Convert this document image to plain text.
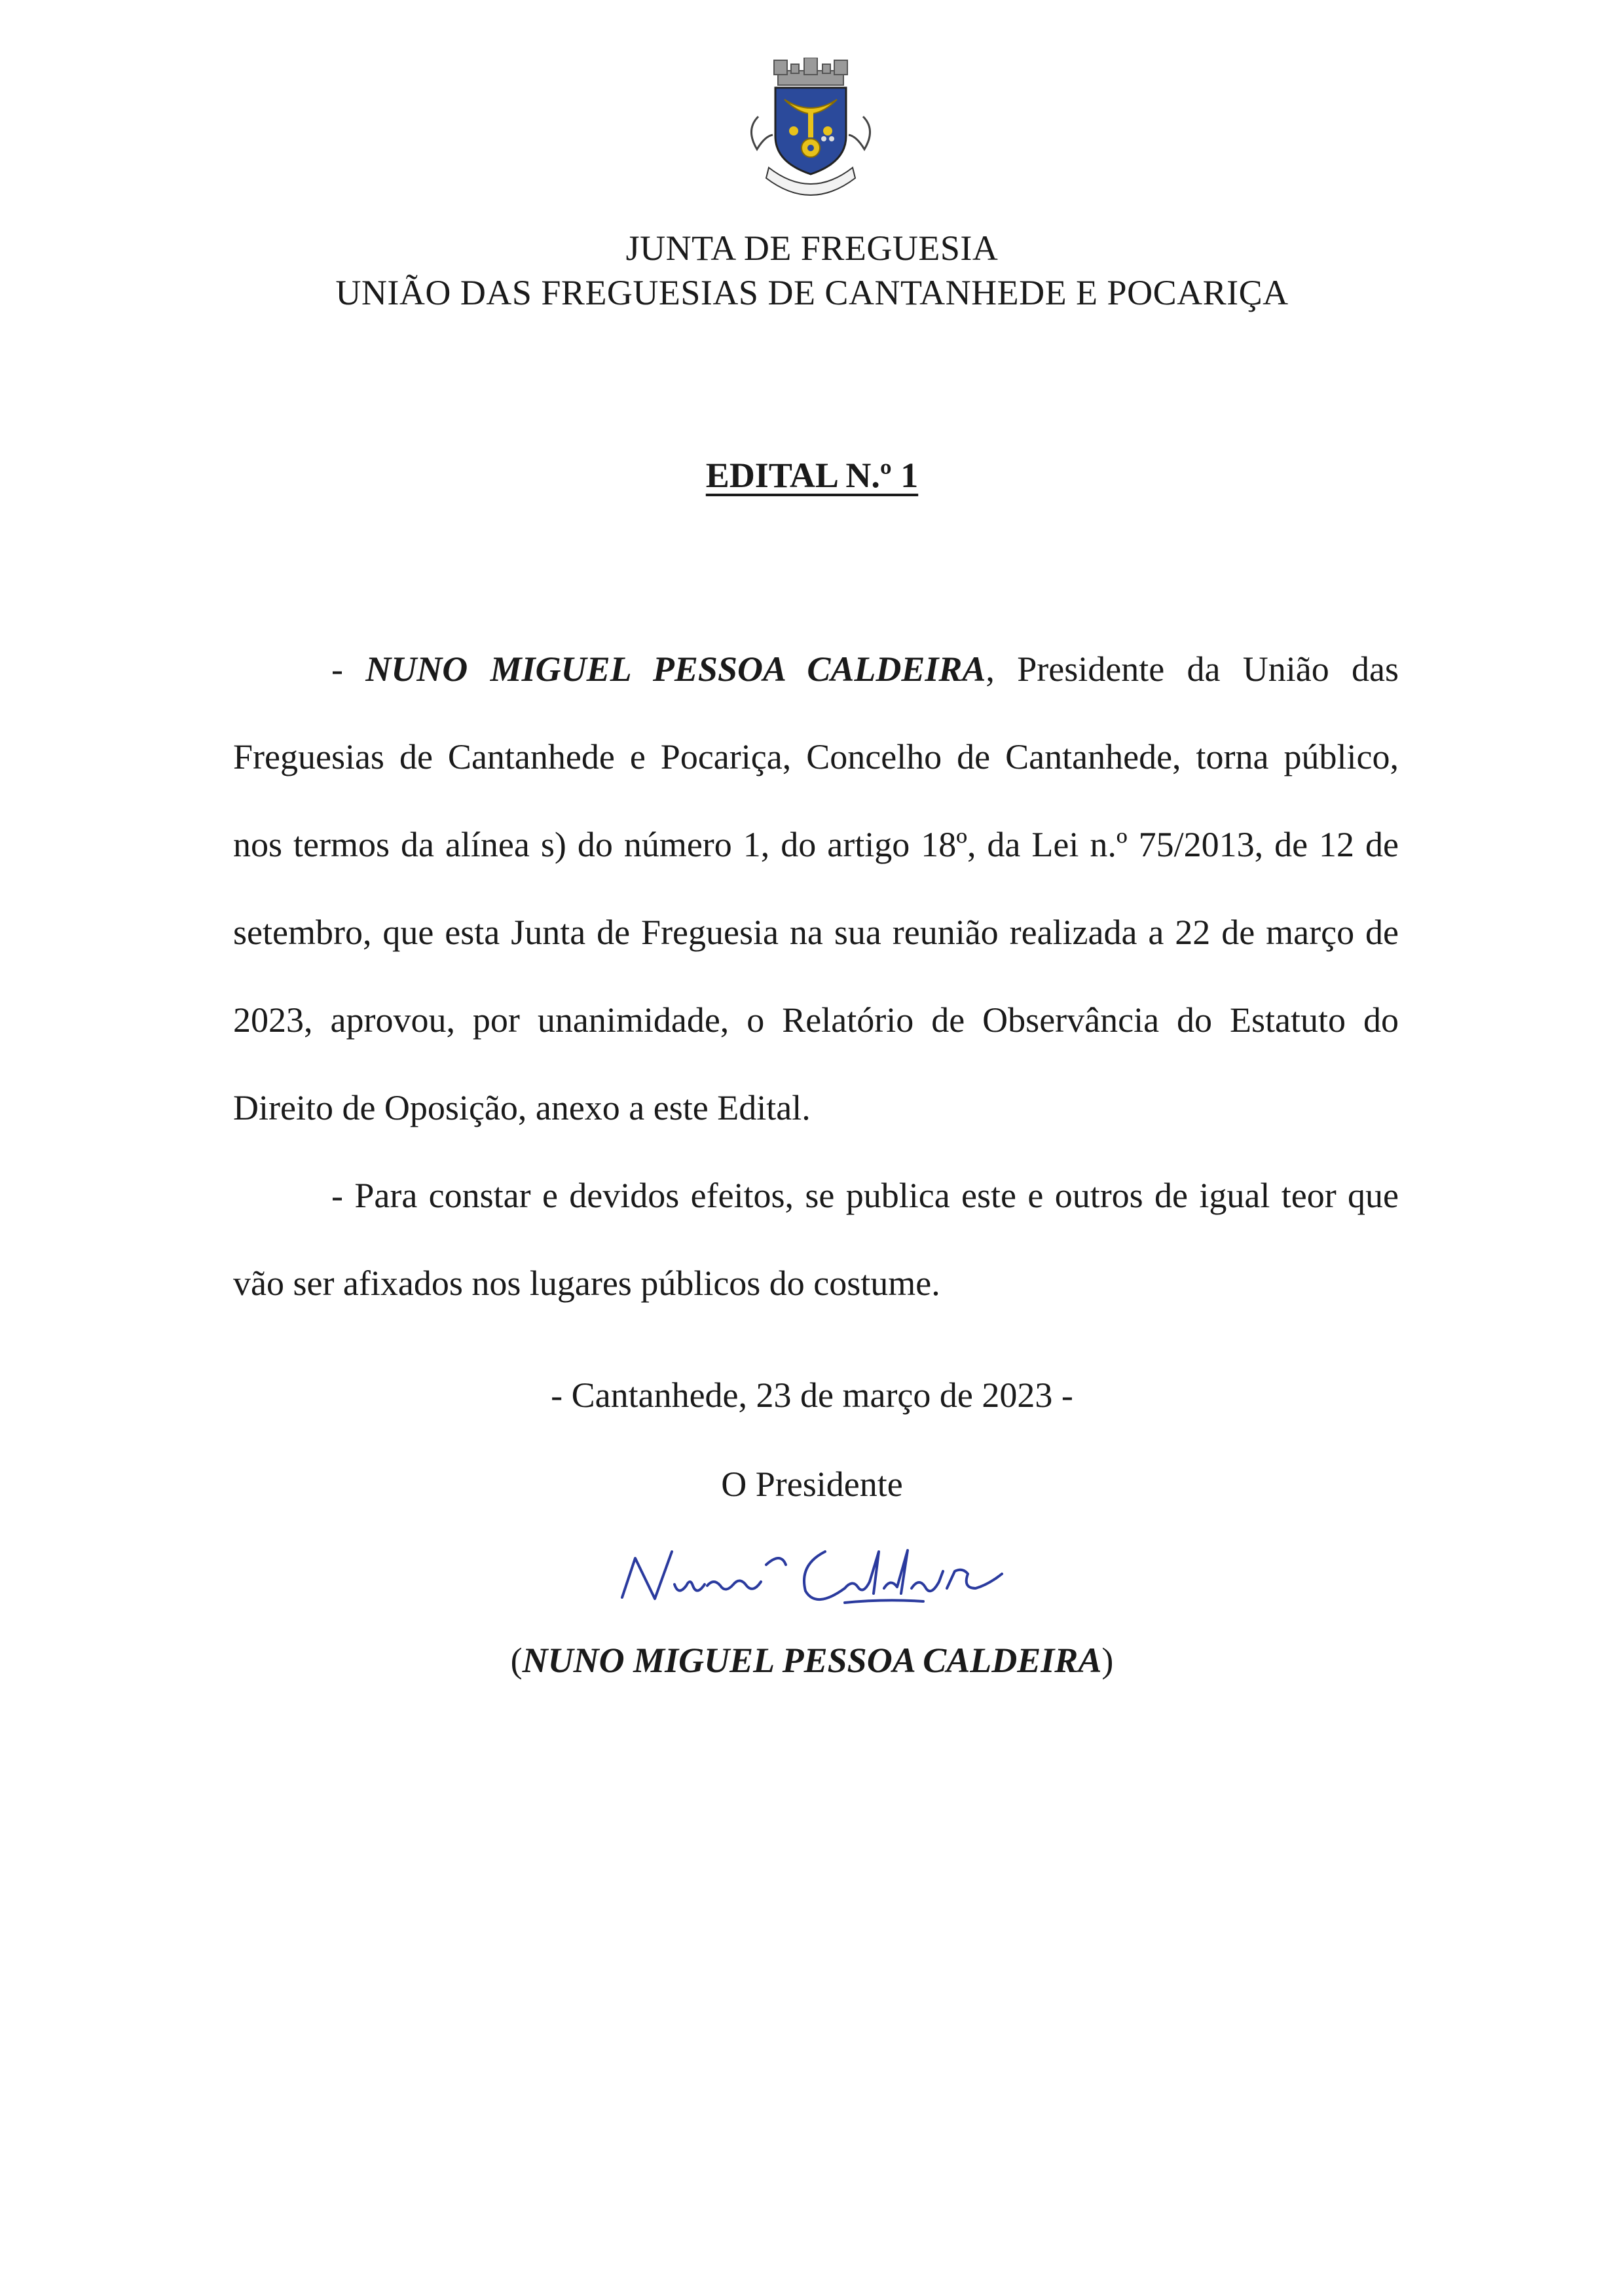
JUNTA DE FREGUESIA
UNIÃO DAS FREGUESIAS DE CANTANHEDE E POCARIÇA
EDITAL N.º 1

- NUNO MIGUEL PESSOA CALDEIRA, Presidente da União das Freguesias de Cantanhede e Pocariça, Concelho de Cantanhede, torna público, nos termos da alínea s) do número 1, do artigo 18º, da Lei n.º 75/2013, de 12 de setembro, que esta Junta de Freguesia na sua reunião realizada a 22 de março de 2023, aprovou, por unanimidade, o Relatório de Observância do Estatuto do Direito de Oposição, anexo a este Edital.

- Para constar e devidos efeitos, se publica este e outros de igual teor que vão ser afixados nos lugares públicos do costume.

- Cantanhede, 23 de março de 2023 -
O Presidente
(NUNO MIGUEL PESSOA CALDEIRA)
